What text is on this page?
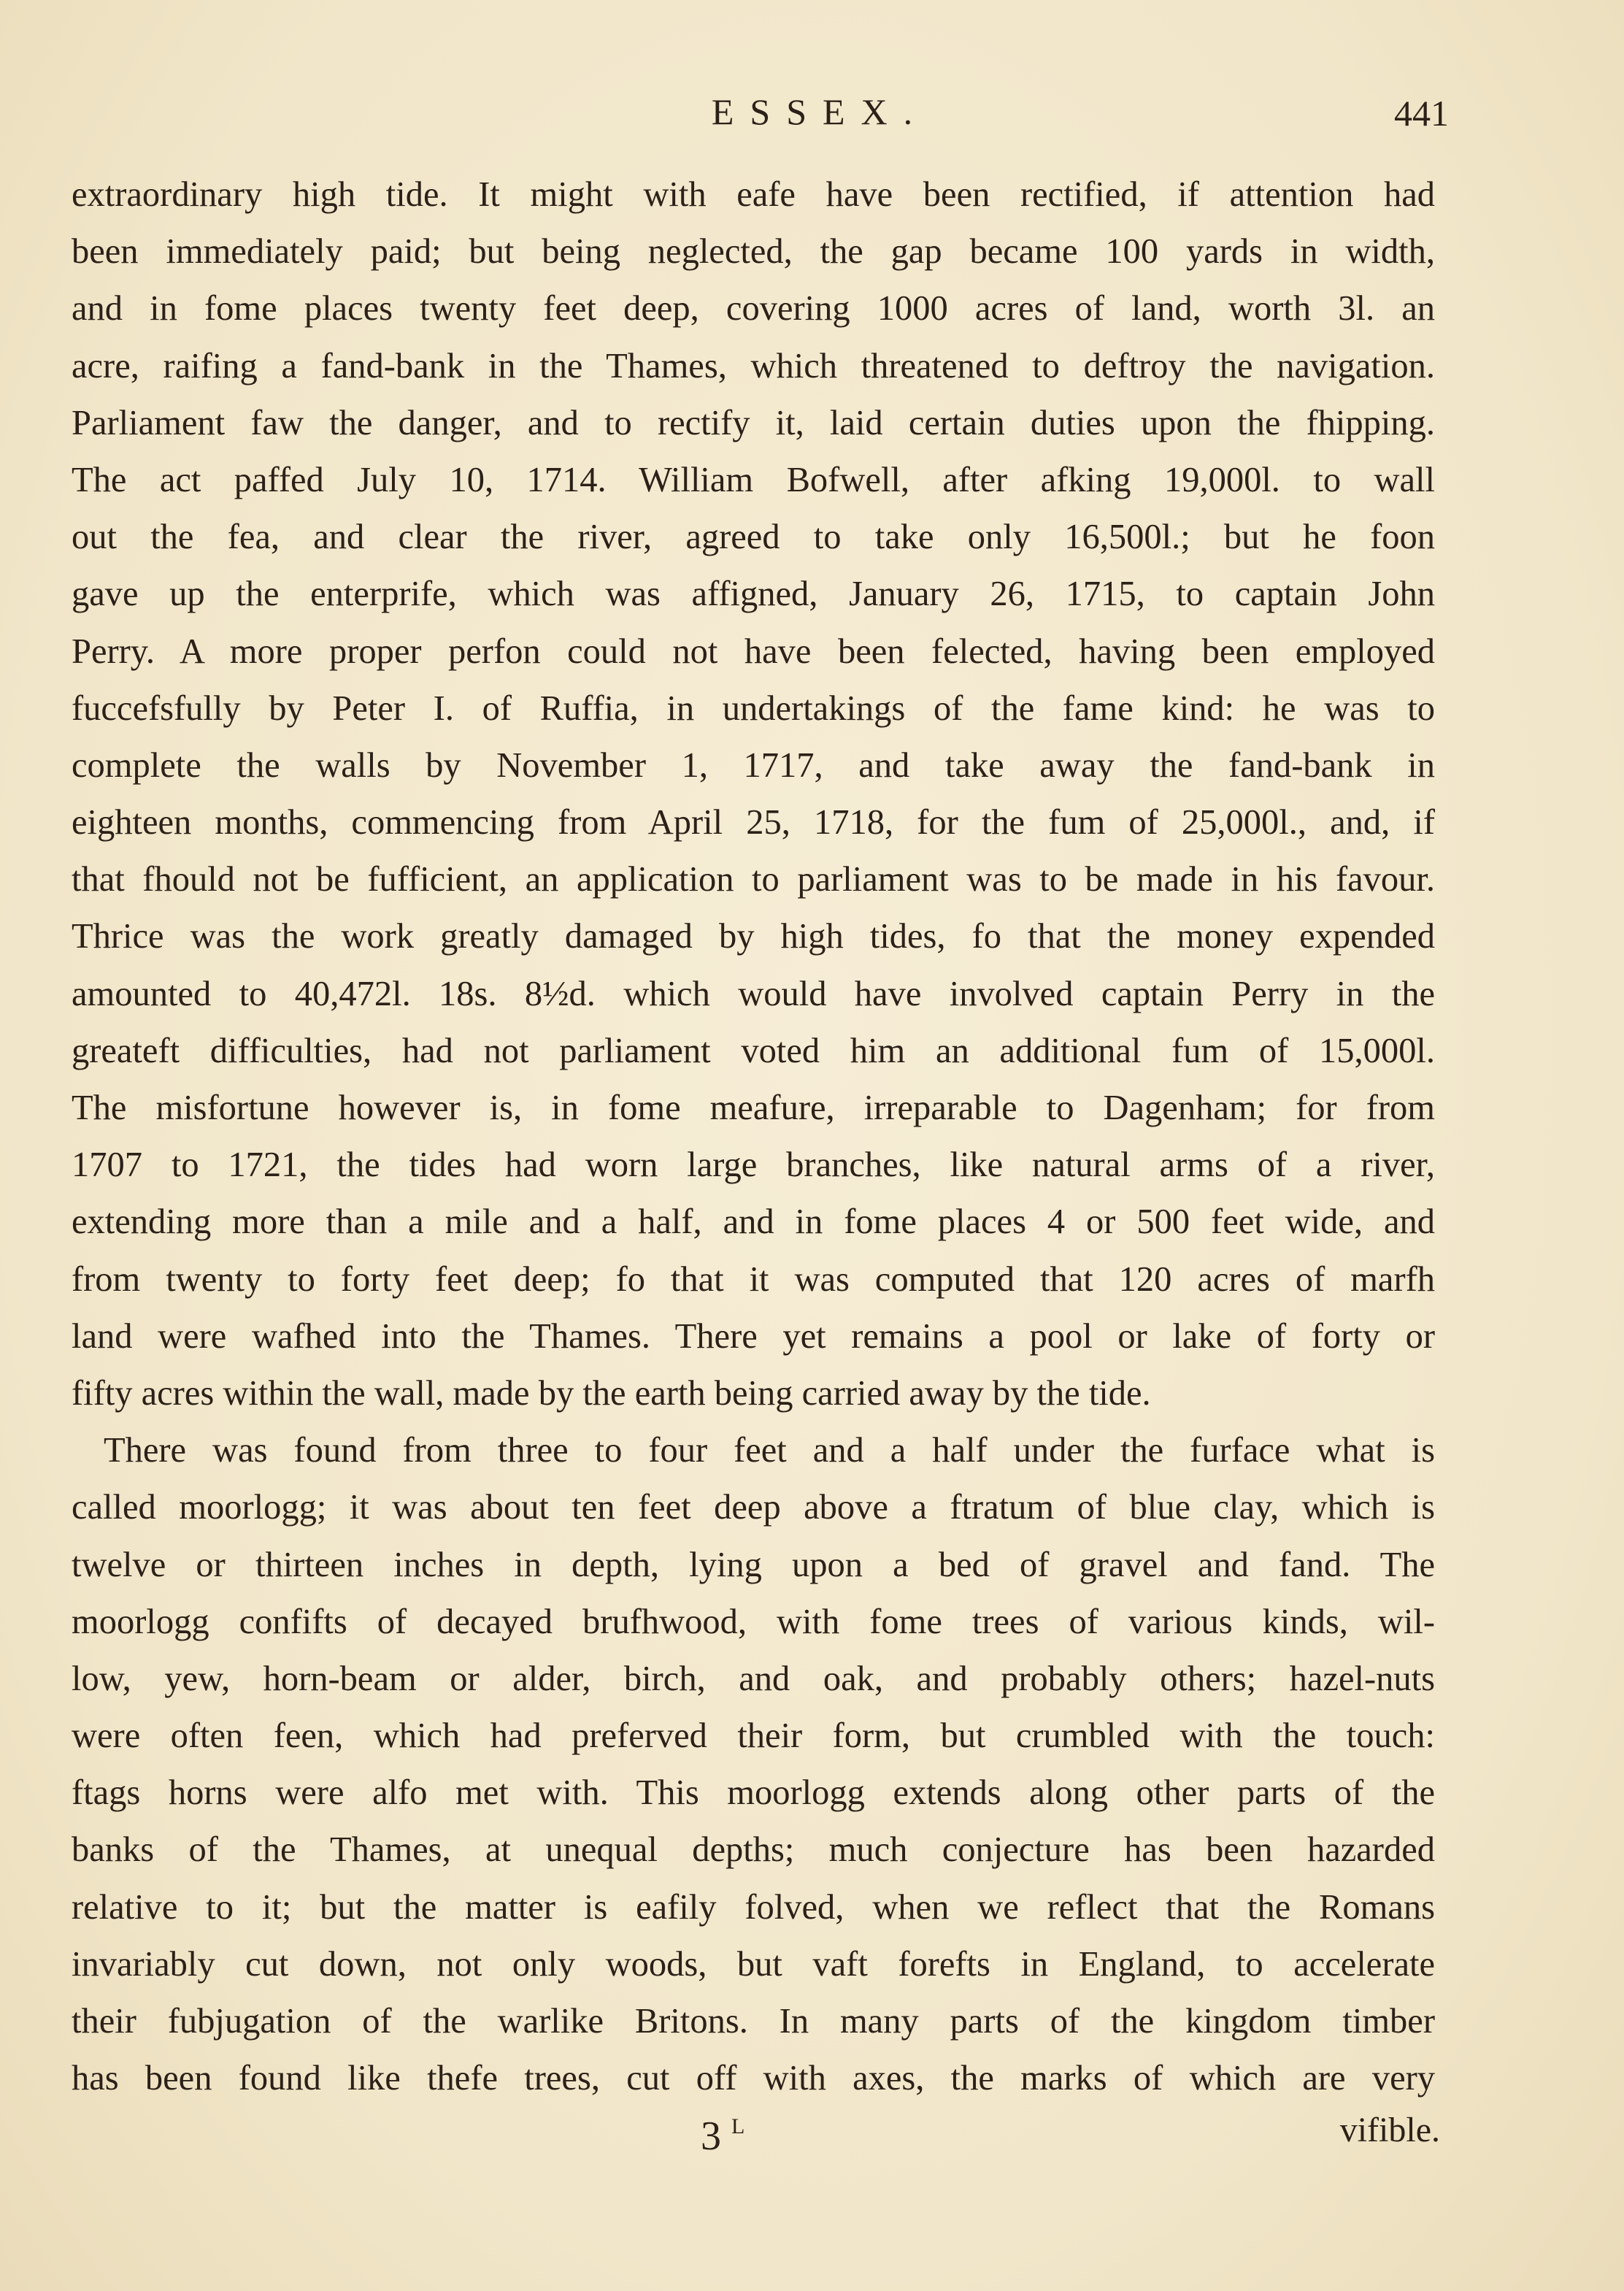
ESSEX.	441
extraordinary high tide. It might with eafe have been rectified, if attention had
been immediately paid; but being neglected, the gap became 100 yards in width,
and in fome places twenty feet deep, covering 1000 acres of land, worth 3l. an
acre, raifing a fand-bank in the Thames, which threatened to deftroy the navigation.
Parliament faw the danger, and to rectify it, laid certain duties upon the fhipping.
The act paffed July 10, 1714. William Bofwell, after afking 19,000l. to wall
out the fea, and clear the river, agreed to take only 16,500l.; but he foon
gave up the enterprife, which was affigned, January 26, 1715, to captain John
Perry. A more proper perfon could not have been felected, having been employed
fuccefsfully by Peter I. of Ruffia, in undertakings of the fame kind: he was to
complete the walls by November 1, 1717, and take away the fand-bank in
eighteen months, commencing from April 25, 1718, for the fum of 25,000l., and, if
that fhould not be fufficient, an application to parliament was to be made in his favour.
Thrice was the work greatly damaged by high tides, fo that the money expended
amounted to 40,472l. 18s. 8½d. which would have involved captain Perry in the
greateft difficulties, had not parliament voted him an additional fum of 15,000l.
The misfortune however is, in fome meafure, irreparable to Dagenham; for from
1707 to 1721, the tides had worn large branches, like natural arms of a river,
extending more than a mile and a half, and in fome places 4 or 500 feet wide, and
from twenty to forty feet deep; fo that it was computed that 120 acres of marfh
land were wafhed into the Thames. There yet remains a pool or lake of forty or
fifty acres within the wall, made by the earth being carried away by the tide.
There was found from three to four feet and a half under the furface what is
called moorlogg; it was about ten feet deep above a ftratum of blue clay, which is
twelve or thirteen inches in depth, lying upon a bed of gravel and fand. The
moorlogg confifts of decayed brufhwood, with fome trees of various kinds, wil-
low, yew, horn-beam or alder, birch, and oak, and probably others; hazel-nuts
were often feen, which had preferved their form, but crumbled with the touch:
ftags horns were alfo met with. This moorlogg extends along other parts of the
banks of the Thames, at unequal depths; much conjecture has been hazarded
relative to it; but the matter is eafily folved, when we reflect that the Romans
invariably cut down, not only woods, but vaft forefts in England, to accelerate
their fubjugation of the warlike Britons. In many parts of the kingdom timber
has been found like thefe trees, cut off with axes, the marks of which are very
3 $^L$	vifible.
